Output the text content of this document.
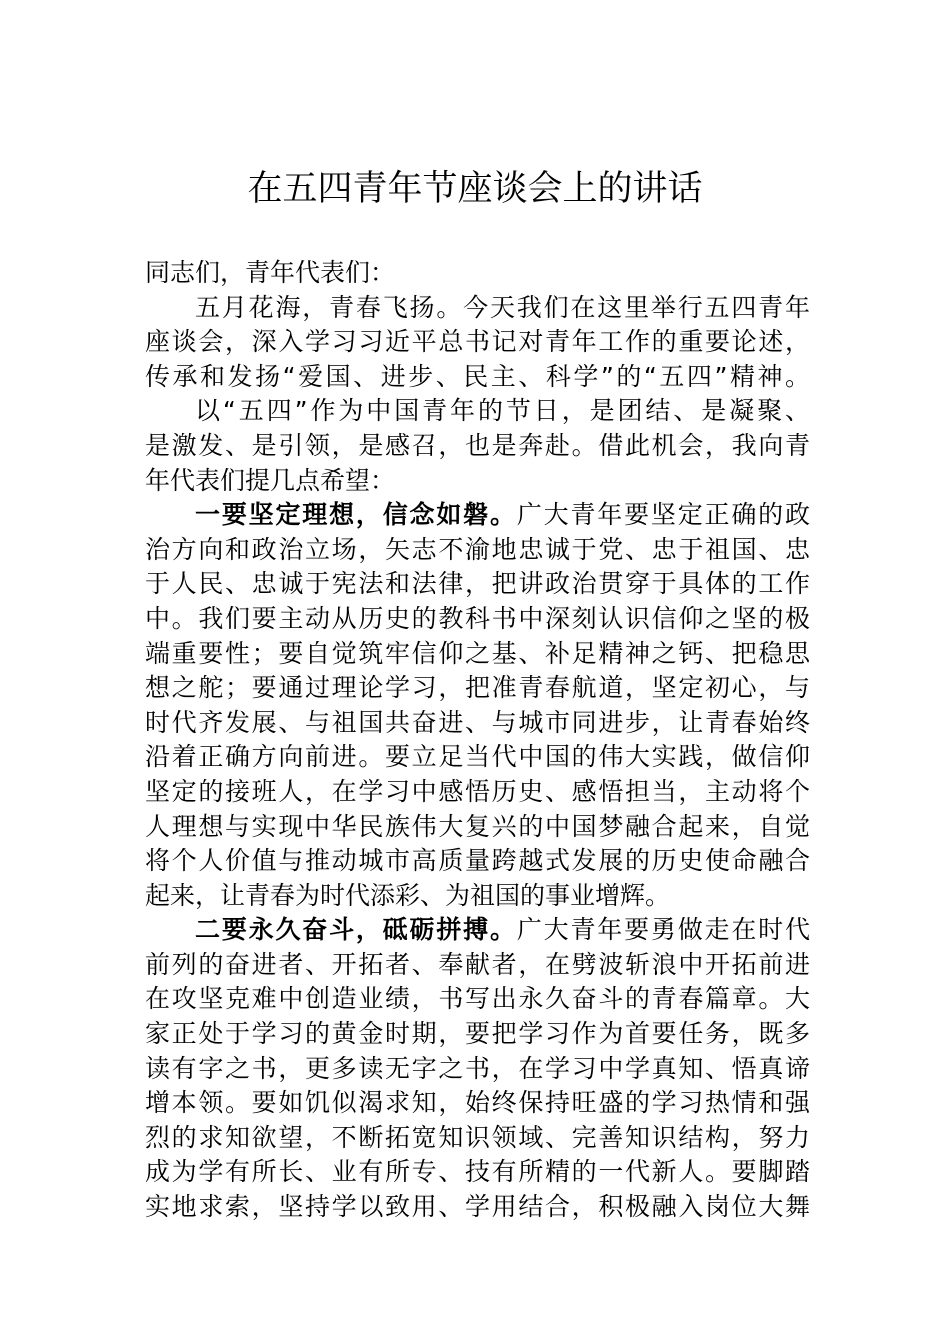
在五四青年节座谈会上的讲话
同志们，青年代表们：
五月花海，青春飞扬。今天我们在这里举行五四青年
座谈会，深入学习习近平总书记对青年工作的重要论述，
传承和发扬“爱国、进步、民主、科学”的“五四”精神。
以“五四”作为中国青年的节日，是团结、是凝聚、
是激发、是引领，是感召，也是奔赴。借此机会，我向青
年代表们提几点希望：
一要坚定理想，信念如磐。广大青年要坚定正确的政
治方向和政治立场，矢志不渝地忠诚于党、忠于祖国、忠
于人民、忠诚于宪法和法律，把讲政治贯穿于具体的工作
中。我们要主动从历史的教科书中深刻认识信仰之坚的极
端重要性；要自觉筑牢信仰之基、补足精神之钙、把稳思
想之舵；要通过理论学习，把准青春航道，坚定初心，与
时代齐发展、与祖国共奋进、与城市同进步，让青春始终
沿着正确方向前进。要立足当代中国的伟大实践，做信仰
坚定的接班人，在学习中感悟历史、感悟担当，主动将个
人理想与实现中华民族伟大复兴的中国梦融合起来，自觉
将个人价值与推动城市高质量跨越式发展的历史使命融合
起来，让青春为时代添彩、为祖国的事业增辉。
二要永久奋斗，砥砺拼搏。广大青年要勇做走在时代
前列的奋进者、开拓者、奉献者，在劈波斩浪中开拓前进
在攻坚克难中创造业绩，书写出永久奋斗的青春篇章。大
家正处于学习的黄金时期，要把学习作为首要任务，既多
读有字之书，更多读无字之书，在学习中学真知、悟真谛
增本领。要如饥似渴求知，始终保持旺盛的学习热情和强
烈的求知欲望，不断拓宽知识领域、完善知识结构，努力
成为学有所长、业有所专、技有所精的一代新人。要脚踏
实地求索，坚持学以致用、学用结合，积极融入岗位大舞
